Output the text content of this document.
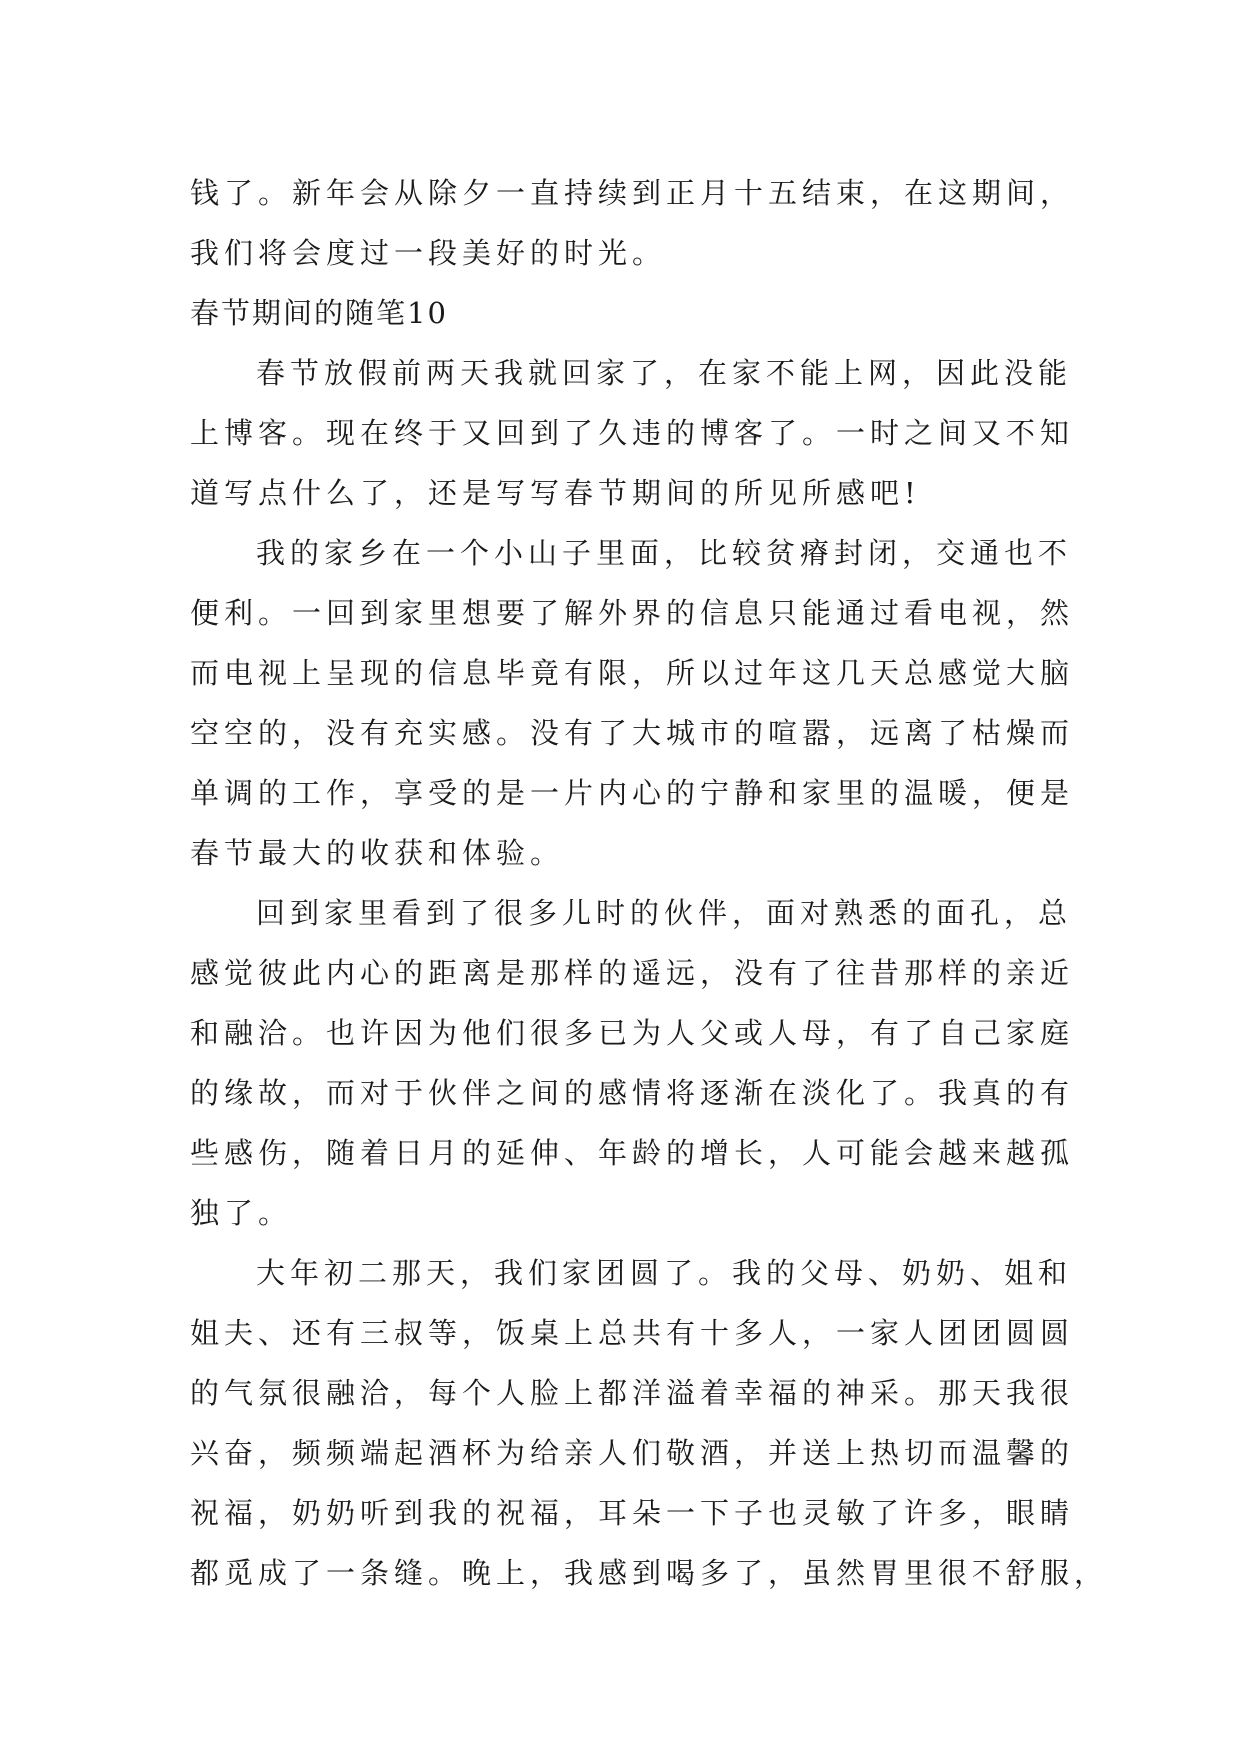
钱了。新年会从除夕一直持续到正月十五结束，在这期间，
我们将会度过一段美好的时光。
春节期间的随笔10
春节放假前两天我就回家了，在家不能上网，因此没能
上博客。现在终于又回到了久违的博客了。一时之间又不知
道写点什么了，还是写写春节期间的所见所感吧!
我的家乡在一个小山子里面，比较贫瘠封闭，交通也不
便利。一回到家里想要了解外界的信息只能通过看电视，然
而电视上呈现的信息毕竟有限，所以过年这几天总感觉大脑
空空的，没有充实感。没有了大城市的喧嚣，远离了枯燥而
单调的工作，享受的是一片内心的宁静和家里的温暖，便是
春节最大的收获和体验。
回到家里看到了很多儿时的伙伴，面对熟悉的面孔，总
感觉彼此内心的距离是那样的遥远，没有了往昔那样的亲近
和融洽。也许因为他们很多已为人父或人母，有了自己家庭
的缘故，而对于伙伴之间的感情将逐渐在淡化了。我真的有
些感伤，随着日月的延伸、年龄的增长，人可能会越来越孤
独了。
大年初二那天，我们家团圆了。我的父母、奶奶、姐和
姐夫、还有三叔等，饭桌上总共有十多人，一家人团团圆圆
的气氛很融洽，每个人脸上都洋溢着幸福的神采。那天我很
兴奋，频频端起酒杯为给亲人们敬酒，并送上热切而温馨的
祝福，奶奶听到我的祝福，耳朵一下子也灵敏了许多，眼睛
都觅成了一条缝。晚上，我感到喝多了，虽然胃里很不舒服，
